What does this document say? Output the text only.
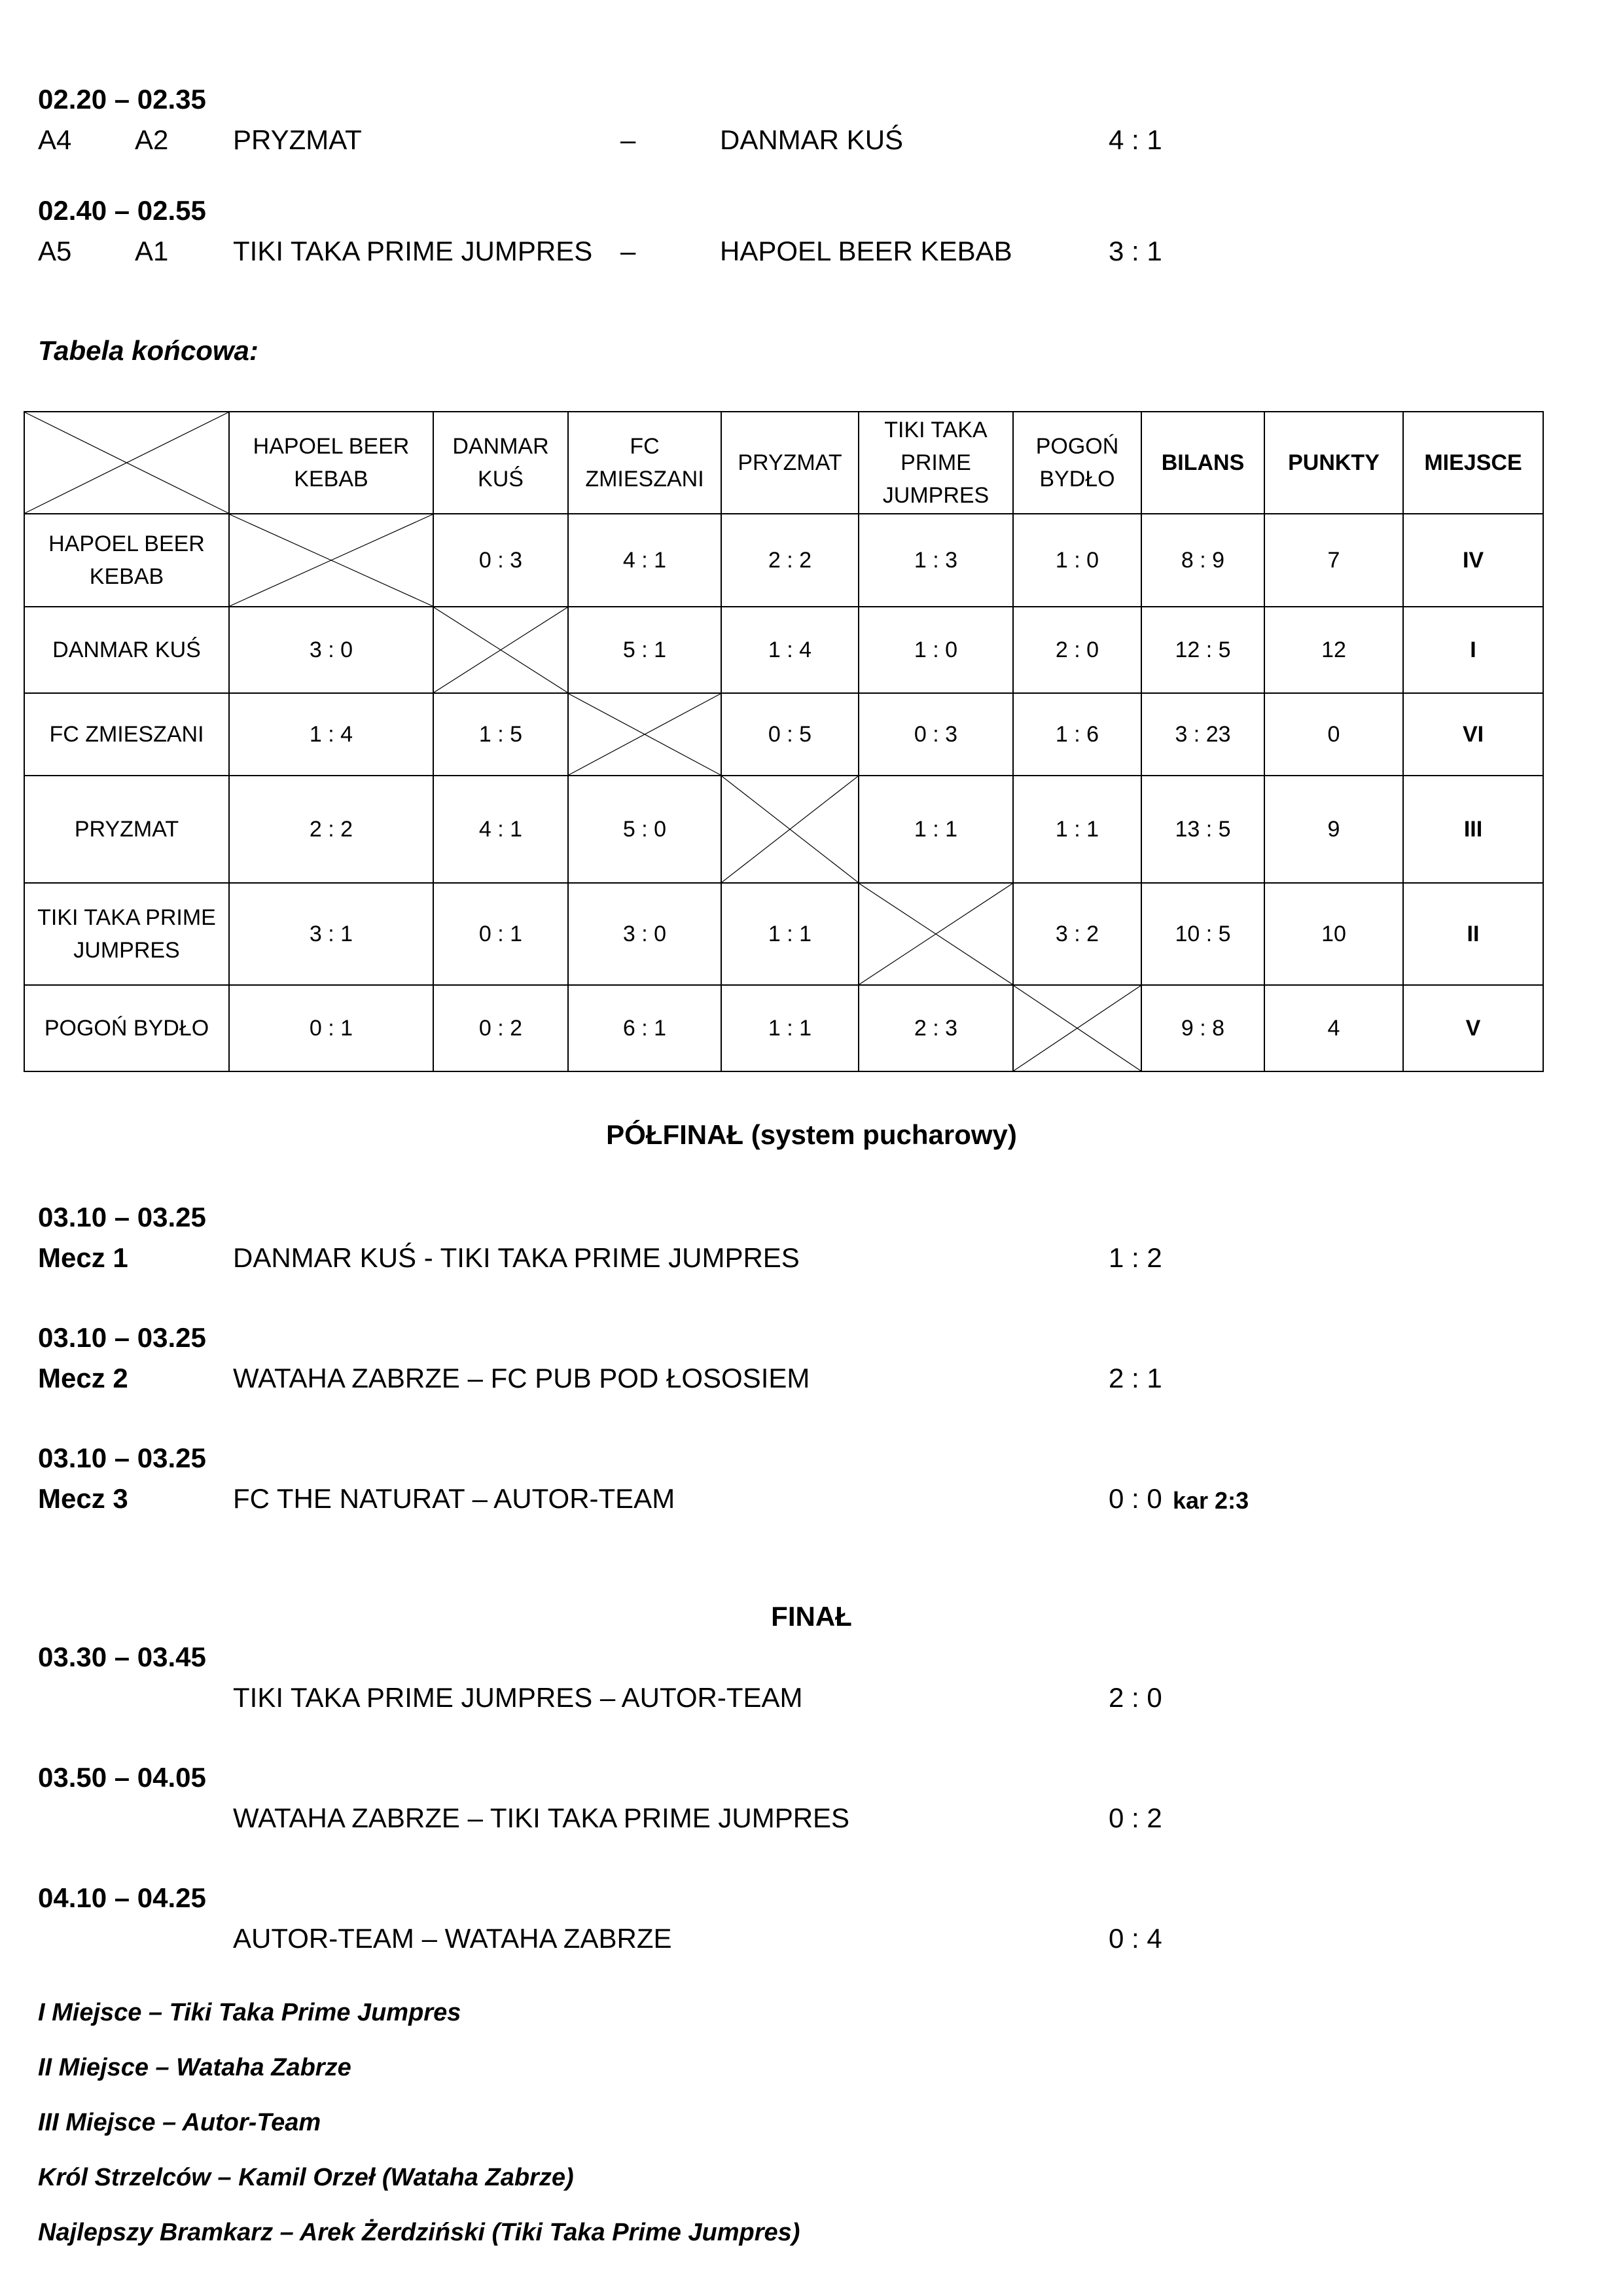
02.20 – 02.35
A4 A2 PRYZMAT	–	DANMAR KUŚ	4 : 1
02.40 – 02.55
A5 A1 TIKI TAKA PRIME JUMPRES –	HAPOEL BEER KEBAB	3 : 1
Tabela końcowa:
	HAPOEL BEER KEBAB	DANMAR KUŚ	FC ZMIESZANI	PRYZMAT	TIKI TAKA PRIME JUMPRES	POGOŃ BYDŁO	BILANS	PUNKTY	MIEJSCE
HAPOEL BEER KEBAB		0 : 3	4 : 1	2 : 2	1 : 3	1 : 0	8 : 9	7	IV
DANMAR KUŚ	3 : 0		5 : 1	1 : 4	1 : 0	2 : 0	12 : 5	12	I
FC ZMIESZANI	1 : 4	1 : 5		0 : 5	0 : 3	1 : 6	3 : 23	0	VI
PRYZMAT	2 : 2	4 : 1	5 : 0		1 : 1	1 : 1	13 : 5	9	III
TIKI TAKA PRIME JUMPRES	3 : 1	0 : 1	3 : 0	1 : 1		3 : 2	10 : 5	10	II
POGOŃ BYDŁO	0 : 1	0 : 2	6 : 1	1 : 1	2 : 3		9 : 8	4	V
PÓŁFINAŁ (system pucharowy)
03.10 – 03.25
Mecz 1	DANMAR KUŚ - TIKI TAKA PRIME JUMPRES	1 : 2
03.10 – 03.25
Mecz 2	WATAHA ZABRZE – FC PUB POD ŁOSOSIEM	2 : 1
03.10 – 03.25
Mecz 3	FC THE NATURAT – AUTOR-TEAM	0 : 0 kar 2:3
FINAŁ
03.30 – 03.45
TIKI TAKA PRIME JUMPRES – AUTOR-TEAM	2 : 0
03.50 – 04.05
WATAHA ZABRZE – TIKI TAKA PRIME JUMPRES	0 : 2
04.10 – 04.25
AUTOR-TEAM – WATAHA ZABRZE	0 : 4
I Miejsce – Tiki Taka Prime Jumpres
II Miejsce – Wataha Zabrze
III Miejsce – Autor-Team
Król Strzelców – Kamil Orzeł (Wataha Zabrze)
Najlepszy Bramkarz – Arek Żerdziński (Tiki Taka Prime Jumpres)
